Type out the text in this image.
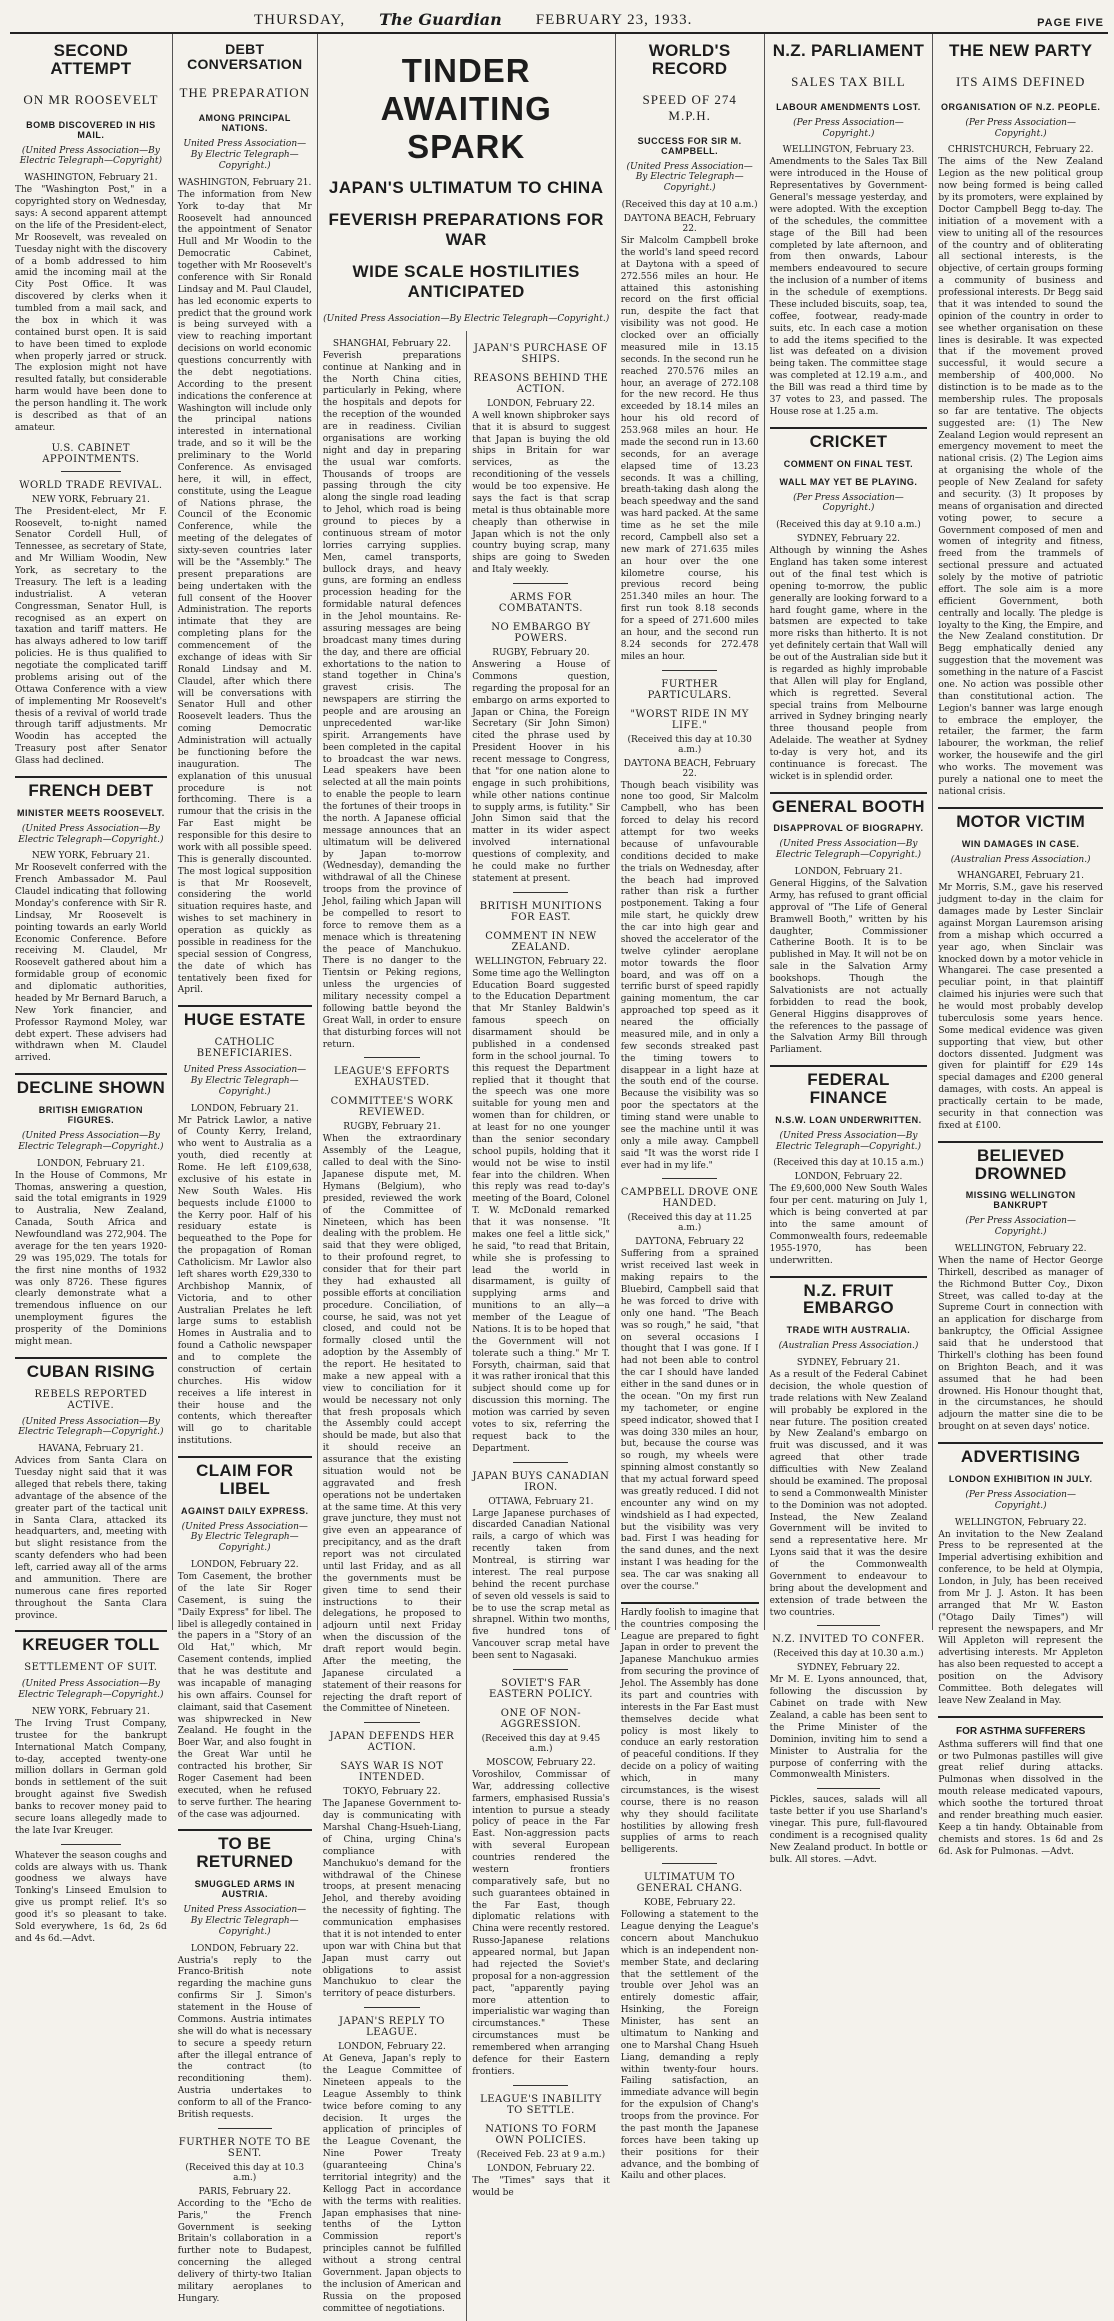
THURSDAY, The Guardian FEBRUARY 23, 1933.	PAGE FIVE
SECOND ATTEMPT
ON MR ROOSEVELT
BOMB DISCOVERED IN HIS MAIL.
(United Press Association—By Electric Telegraph—Copyright)
WASHINGTON, February 21.

The "Washington Post," in a copyrighted story on Wednesday, says: A second apparent attempt on the life of the President-elect, Mr Roosevelt, was revealed on Tuesday night with the discovery of a bomb addressed to him amid the incoming mail at the City Post Office. It was discovered by clerks when it tumbled from a mail sack, and the box in which it was contained burst open. It is said to have been timed to explode when properly jarred or struck. The explosion might not have resulted fatally, but considerable harm would have been done to the person handling it. The work is described as that of an amateur.

U.S. CABINET APPOINTMENTS.
WORLD TRADE REVIVAL.
NEW YORK, February 21.

The President-elect, Mr F. Roosevelt, to-night named Senator Cordell Hull, of Tennessee, as secretary of State, and Mr William Woodin, New York, as secretary to the Treasury. The left is a leading industrialist. A veteran Congressman, Senator Hull, is recognised as an expert on taxation and tariff matters. He has always adhered to low tariff policies. He is thus qualified to negotiate the complicated tariff problems arising out of the Ottawa Conference with a view of implementing Mr Roosevelt's thesis of a revival of world trade through tariff adjustments. Mr Woodin has accepted the Treasury post after Senator Glass had declined.

FRENCH DEBT
MINISTER MEETS ROOSEVELT.
(United Press Association—By Electric Telegraph—Copyright.)
NEW YORK, February 21.

Mr Roosevelt conferred with the French Ambassador M. Paul Claudel indicating that following Monday's conference with Sir R. Lindsay, Mr Roosevelt is pointing towards an early World Economic Conference. Before receiving M. Claudel, Mr Roosevelt gathered about him a formidable group of economic and diplomatic authorities, headed by Mr Bernard Baruch, a New York financier, and Professor Raymond Moley, war debt expert. These advisers had withdrawn when M. Claudel arrived.

DECLINE SHOWN
BRITISH EMIGRATION FIGURES.
(United Press Association—By Electric Telegraph—Copyright.)
LONDON, February 21.

In the House of Commons, Mr Thomas, answering a question, said the total emigrants in 1929 to Australia, New Zealand, Canada, South Africa and Newfoundland was 272,904. The average for the ten years 1920-29 was 195,029. The totals for the first nine months of 1932 was only 8726. These figures clearly demonstrate what a tremendous influence on our unemployment figures the prosperity of the Dominions might mean.

CUBAN RISING
REBELS REPORTED ACTIVE.
(United Press Association—By Electric Telegraph—Copyright.)
HAVANA, February 21.

Advices from Santa Clara on Tuesday night said that it was alleged that rebels there, taking advantage of the absence of the greater part of the tactical unit in Santa Clara, attacked its headquarters, and, meeting with but slight resistance from the scanty defenders who had been left, carried away all of the arms and ammunition. There are numerous cane fires reported throughout the Santa Clara province.

KREUGER TOLL
SETTLEMENT OF SUIT.
(United Press Association—By Electric Telegraph—Copyright.)
NEW YORK, February 21.

The Irving Trust Company, trustee for the bankrupt International Match Company, to-day, accepted twenty-one million dollars in German gold bonds in settlement of the suit brought against five Swedish banks to recover money paid to secure loans allegedly made to the late Ivar Kreuger.

Whatever the season coughs and colds are always with us. Thank goodness we always have Tonking's Linseed Emulsion to give us prompt relief. It's so good it's so pleasant to take. Sold everywhere, 1s 6d, 2s 6d and 4s 6d.—Advt.

DEBT CONVERSATION
THE PREPARATION
AMONG PRINCIPAL NATIONS.
United Press Association—By Electric Telegraph—Copyright.)
WASHINGTON, February 21.

The information from New York to-day that Mr Roosevelt had announced the appointment of Senator Hull and Mr Woodin to the Democratic Cabinet, together with Mr Roosevelt's conference with Sir Ronald Lindsay and M. Paul Claudel, has led economic experts to predict that the ground work is being surveyed with a view to reaching important decisions on world economic questions concurrently with the debt negotiations. According to the present indications the conference at Washington will include only the principal nations interested in international trade, and so it will be the preliminary to the World Conference. As envisaged here, it will, in effect, constitute, using the League of Nations phrase, the Council of the Economic Conference, while the meeting of the delegates of sixty-seven countries later will be the "Assembly." The present preparations are being undertaken with the full consent of the Hoover Administration. The reports intimate that they are completing plans for the commencement of the exchange of ideas with Sir Ronald Lindsay and M. Claudel, after which there will be conversations with Senator Hull and other Roosevelt leaders. Thus the coming Democratic Administration will actually be functioning before the inauguration. The explanation of this unusual procedure is not forthcoming. There is a rumour that the crisis in the Far East might be responsible for this desire to work with all possible speed. This is generally discounted. The most logical supposition is that Mr Roosevelt, considering the world situation requires haste, and wishes to set machinery in operation as quickly as possible in readiness for the special session of Congress, the date of which has tentatively been fixed for April.

HUGE ESTATE
CATHOLIC BENEFICIARIES.
United Press Association—By Electric Telegraph—Copyright.)
LONDON, February 21.

Mr Patrick Lawlor, a native of County Kerry, Ireland, who went to Australia as a youth, died recently at Rome. He left £109,638, exclusive of his estate in New South Wales. His bequests include £1000 to the Kerry poor. Half of his residuary estate is bequeathed to the Pope for the propagation of Roman Catholicism. Mr Lawlor also left shares worth £29,330 to Archbishop Mannix, of Victoria, and to other Australian Prelates he left large sums to establish Homes in Australia and to found a Catholic newspaper and to complete the construction of certain churches. His widow receives a life interest in their house and the contents, which thereafter will go to charitable institutions.

CLAIM FOR LIBEL
AGAINST DAILY EXPRESS.
(United Press Association—By Electric Telegraph—Copyright.)
LONDON, February 22.

Tom Casement, the brother of the late Sir Roger Casement, is suing the "Daily Express" for libel. The libel is allegedly contained in the papers in a "Story of an Old Hat," which, Mr Casement contends, implied that he was destitute and was incapable of managing his own affairs. Counsel for claimant, said that Casement was shipwrecked in New Zealand. He fought in the Boer War, and also fought in the Great War until he contracted his brother, Sir Roger Casement had been executed, when he refused to serve further. The hearing of the case was adjourned.

TO BE RETURNED
SMUGGLED ARMS IN AUSTRIA.
United Press Association—By Electric Telegraph—Copyright.)
LONDON, February 22.

Austria's reply to the Franco-British note regarding the machine guns confirms Sir J. Simon's statement in the House of Commons. Austria intimates she will do what is necessary to secure a speedy return after the illegal entrance of the contract (to reconditioning them). Austria undertakes to conform to all of the Franco-British requests.

FURTHER NOTE TO BE SENT.
(Received this day at 10.3 a.m.)
PARIS, February 22.

According to the "Echo de Paris," the French Government is seeking Britain's collaboration in a further note to Budapest, concerning the alleged delivery of thirty-two Italian military aeroplanes to Hungary.

TINDER AWAITING SPARK
JAPAN'S ULTIMATUM TO CHINA
FEVERISH PREPARATIONS FOR WAR
WIDE SCALE HOSTILITIES ANTICIPATED
(United Press Association—By Electric Telegraph—Copyright.)
SHANGHAI, February 22.

Feverish preparations continue at Nanking and in the North China cities, particularly in Peking, where the hospitals and depots for the reception of the wounded are in readiness. Civilian organisations are working night and day in preparing the usual war comforts. Thousands of troops are passing through the city along the single road leading to Jehol, which road is being ground to pieces by a continuous stream of motor lorries carrying supplies. Men, camel transports, bullock drays, and heavy guns, are forming an endless procession heading for the formidable natural defences in the Jehol mountains. Re-assuring messages are being broadcast many times during the day, and there are official exhortations to the nation to stand together in China's gravest crisis. The newspapers are stirring the people and are arousing an unprecedented war-like spirit. Arrangements have been completed in the capital to broadcast the war news. Lead speakers have been selected at all the main points to enable the people to learn the fortunes of their troops in the north. A Japanese official message announces that an ultimatum will be delivered by Japan to-morrow (Wednesday), demanding the withdrawal of all the Chinese troops from the province of Jehol, failing which Japan will be compelled to resort to force to remove them as a menace which is threatening the peace of Manchukuo. There is no danger to the Tientsin or Peking regions, unless the urgencies of military necessity compel a following battle beyond the Great Wall, in order to ensure that disturbing forces will not return.

LEAGUE'S EFFORTS EXHAUSTED.
COMMITTEE'S WORK REVIEWED.
RUGBY, February 21.

When the extraordinary Assembly of the League, called to deal with the Sino-Japanese dispute met, M. Hymans (Belgium), who presided, reviewed the work of the Committee of Nineteen, which has been dealing with the problem. He said that they were obliged, to their profound regret, to consider that for their part they had exhausted all possible efforts at conciliation procedure. Conciliation, of course, he said, was not yet closed, and could not be formally closed until the adoption by the Assembly of the report. He hesitated to make a new appeal with a view to conciliation for it would be necessary not only that fresh proposals which the Assembly could accept should be made, but also that it should receive an assurance that the existing situation would not be aggravated and fresh operations not be undertaken at the same time. At this very grave juncture, they must not give even an appearance of precipitancy, and as the draft report was not circulated until last Friday, and as all the governments must be given time to send their instructions to their delegations, he proposed to adjourn until next Friday when the discussion of the draft report would begin. After the meeting, the Japanese circulated a statement of their reasons for rejecting the draft report of the Committee of Nineteen.

JAPAN DEFENDS HER ACTION.
SAYS WAR IS NOT INTENDED.
TOKYO, February 22.

The Japanese Government to-day is communicating with Marshal Chang-Hsueh-Liang, of China, urging China's compliance with Manchukuo's demand for the withdrawal of the Chinese troops, at present menacing Jehol, and thereby avoiding the necessity of fighting. The communication emphasises that it is not intended to enter upon war with China but that Japan must carry out obligations to assist Manchukuo to clear the territory of peace disturbers.

JAPAN'S REPLY TO LEAGUE.
LONDON, February 22.

At Geneva, Japan's reply to the League Committee of Nineteen appeals to the League Assembly to think twice before coming to any decision. It urges the application of principles of the League Covenant, the Nine Power Treaty (guaranteeing China's territorial integrity) and the Kellogg Pact in accordance with the terms with realities. Japan emphasises that nine-tenths of the Lytton Commission report's principles cannot be fulfilled without a strong central Government. Japan objects to the inclusion of American and Russia on the proposed committee of negotiations.

JAPAN'S PURCHASE OF SHIPS.
REASONS BEHIND THE ACTION.
LONDON, February 22.

A well known shipbroker says that it is absurd to suggest that Japan is buying the old ships in Britain for war services, as the reconditioning of the vessels would be too expensive. He says the fact is that scrap metal is thus obtainable more cheaply than otherwise in Japan which is not the only country buying scrap, many ships are going to Sweden and Italy weekly.

ARMS FOR COMBATANTS.
NO EMBARGO BY POWERS.
RUGBY, February 20.

Answering a House of Commons question, regarding the proposal for an embargo on arms exported to Japan or China, the Foreign Secretary (Sir John Simon) cited the phrase used by President Hoover in his recent message to Congress, that "for one nation alone to engage in such prohibitions, while other nations continue to supply arms, is futility." Sir John Simon said that the matter in its wider aspect involved international questions of complexity, and he could make no further statement at present.

BRITISH MUNITIONS FOR EAST.
COMMENT IN NEW ZEALAND.
WELLINGTON, February 22.

Some time ago the Wellington Education Board suggested to the Education Department that Mr Stanley Baldwin's famous speech on disarmament should be published in a condensed form in the school journal. To this request the Department replied that it thought that the speech was one more suitable for young men and women than for children, or at least for no one younger than the senior secondary school pupils, holding that it would not be wise to instil fear into the children. When this reply was read to-day's meeting of the Board, Colonel T. W. McDonald remarked that it was nonsense. "It makes one feel a little sick," he said, "to read that Britain, while she is professing to lead the world in disarmament, is guilty of supplying arms and munitions to an ally—a member of the League of Nations. It is to be hoped that the Government will not tolerate such a thing." Mr T. Forsyth, chairman, said that it was rather ironical that this subject should come up for discussion this morning. The motion was carried by seven votes to six, referring the request back to the Department.

JAPAN BUYS CANADIAN IRON.
OTTAWA, February 21.

Large Japanese purchases of discarded Canadian National rails, a cargo of which was recently taken from Montreal, is stirring war interest. The real purpose behind the recent purchase of seven old vessels is said to be to use the scrap metal as shrapnel. Within two months, five hundred tons of Vancouver scrap metal have been sent to Nagasaki.

SOVIET'S FAR EASTERN POLICY.
ONE OF NON-AGGRESSION.
(Received this day at 9.45 a.m.)
MOSCOW, February 22.

Voroshilov, Commissar of War, addressing collective farmers, emphasised Russia's intention to pursue a steady policy of peace in the Far East. Non-aggression pacts with several European countries rendered the western frontiers comparatively safe, but no such guarantees obtained in the Far East, though diplomatic relations with China were recently restored. Russo-Japanese relations appeared normal, but Japan had rejected the Soviet's proposal for a non-aggression pact, "apparently paying more attention to imperialistic war waging than circumstances." These circumstances must be remembered when arranging defence for their Eastern frontiers.

LEAGUE'S INABILITY TO SETTLE.
NATIONS TO FORM OWN POLICIES.
(Received Feb. 23 at 9 a.m.)
LONDON, February 22.

The "Times" says that it would be

WORLD'S RECORD
SPEED OF 274 M.P.H.
SUCCESS FOR SIR M. CAMPBELL.
(United Press Association—By Electric Telegraph—Copyright.)
(Received this day at 10 a.m.)
DAYTONA BEACH, February 22.

Sir Malcolm Campbell broke the world's land speed record at Daytona with a speed of 272.556 miles an hour. He attained this astonishing record on the first official run, despite the fact that visibility was not good. He clocked over an officially measured mile in 13.15 seconds. In the second run he reached 270.576 miles an hour, an average of 272.108 for the new record. He thus exceeded by 18.14 miles an hour his old record of 253.968 miles an hour. He made the second run in 13.60 seconds, for an average elapsed time of 13.23 seconds. It was a chilling, breath-taking dash along the beach speedway and the sand was hard packed. At the same time as he set the mile record, Campbell also set a new mark of 271.635 miles an hour over the one kilometre course, his previous record being 251.340 miles an hour. The first run took 8.18 seconds for a speed of 271.600 miles an hour, and the second run 8.24 seconds for 272.478 miles an hour.

FURTHER PARTICULARS.
"WORST RIDE IN MY LIFE."
(Received this day at 10.30 a.m.)
DAYTONA BEACH, February 22.

Though beach visibility was none too good, Sir Malcolm Campbell, who has been forced to delay his record attempt for two weeks because of unfavourable conditions decided to make the trials on Wednesday, after the beach had improved rather than risk a further postponement. Taking a four mile start, he quickly drew the car into high gear and shoved the accelerator of the twelve cylinder aeroplane motor towards the floor board, and was off on a terrific burst of speed rapidly gaining momentum, the car approached top speed as it neared the officially measured mile, and in only a few seconds streaked past the timing towers to disappear in a light haze at the south end of the course. Because the visibility was so poor the spectators at the timing stand were unable to see the machine until it was only a mile away. Campbell said "It was the worst ride I ever had in my life."

CAMPBELL DROVE ONE HANDED.
(Received this day at 11.25 a.m.)
DAYTONA, February 22

Suffering from a sprained wrist received last week in making repairs to the Bluebird, Campbell said that he was forced to drive with only one hand. "The Beach was so rough," he said, "that on several occasions I thought that I was gone. If I had not been able to control the car I should have landed either in the sand dunes or in the ocean. "On my first run my tachometer, or engine speed indicator, showed that I was doing 330 miles an hour, but, because the course was so rough, my wheels were spinning almost constantly so that my actual forward speed was greatly reduced. I did not encounter any wind on my windshield as I had expected, but the visibility was very bad. First I was heading for the sand dunes, and the next instant I was heading for the sea. The car was snaking all over the course."

Hardly foolish to imagine that the countries composing the League are prepared to fight Japan in order to prevent the Japanese Manchukuo armies from securing the province of Jehol. The Assembly has done its part and countries with interests in the Far East must themselves decide what policy is most likely to conduce an early restoration of peaceful conditions. If they decide on a policy of waiting which, in many circumstances, is the wisest course, there is no reason why they should facilitate hostilities by allowing fresh supplies of arms to reach belligerents.

ULTIMATUM TO GENERAL CHANG.
KOBE, February 22.

Following a statement to the League denying the League's concern about Manchukuo which is an independent non-member State, and declaring that the settlement of the trouble over Jehol was an entirely domestic affair, Hsinking, the Foreign Minister, has sent an ultimatum to Nanking and one to Marshal Chang Hsueh Liang, demanding a reply within twenty-four hours. Failing satisfaction, an immediate advance will begin for the expulsion of Chang's troops from the province. For the past month the Japanese forces have been taking up their positions for their advance, and the bombing of Kailu and other places.

N.Z. PARLIAMENT
SALES TAX BILL
LABOUR AMENDMENTS LOST.
(Per Press Association— Copyright.)
WELLINGTON, February 23.

Amendments to the Sales Tax Bill were introduced in the House of Representatives by Government-General's message yesterday, and were adopted. With the exception of the schedules, the committee stage of the Bill had been completed by late afternoon, and from then onwards, Labour members endeavoured to secure the inclusion of a number of items in the schedule of exemptions. These included biscuits, soap, tea, coffee, footwear, ready-made suits, etc. In each case a motion to add the items specified to the list was defeated on a division being taken. The committee stage was completed at 12.19 a.m., and the Bill was read a third time by 37 votes to 23, and passed. The House rose at 1.25 a.m.

CRICKET
COMMENT ON FINAL TEST.
WALL MAY YET BE PLAYING.
(Per Press Association— Copyright.)
(Received this day at 9.10 a.m.)
SYDNEY, February 22.

Although by winning the Ashes England has taken some interest out of the final test which is opening to-morrow, the public generally are looking forward to a hard fought game, where in the batsmen are expected to take more risks than hitherto. It is not yet definitely certain that Wall will be out of the Australian side but it is regarded as highly improbable that Allen will play for England, which is regretted. Several special trains from Melbourne arrived in Sydney bringing nearly three thousand people from Adelaide. The weather at Sydney to-day is very hot, and its continuance is forecast. The wicket is in splendid order.

GENERAL BOOTH
DISAPPROVAL OF BIOGRAPHY.
(United Press Association—By Electric Telegraph—Copyright.)
LONDON, February 21.

General Higgins, of the Salvation Army, has refused to grant official approval of "The Life of General Bramwell Booth," written by his daughter, Commissioner Catherine Booth. It is to be published in May. It will not be on sale in the Salvation Army bookshops. Though the Salvationists are not actually forbidden to read the book, General Higgins disapproves of the references to the passage of the Salvation Army Bill through Parliament.

FEDERAL FINANCE
N.S.W. LOAN UNDERWRITTEN.
(United Press Association—By Electric Telegraph—Copyright.)
(Received this day at 10.15 a.m.)
LONDON, February 22.

The £9,600,000 New South Wales four per cent. maturing on July 1, which is being converted at par into the same amount of Commonwealth fours, redeemable 1955-1970, has been underwritten.

N.Z. FRUIT EMBARGO
TRADE WITH AUSTRALIA.
(Australian Press Association.)
SYDNEY, February 21.

As a result of the Federal Cabinet decision, the whole question of trade relations with New Zealand will probably be explored in the near future. The position created by New Zealand's embargo on fruit was discussed, and it was agreed that other trade difficulties with New Zealand should be examined. The proposal to send a Commonwealth Minister to the Dominion was not adopted. Instead, the New Zealand Government will be invited to send a representative here. Mr Lyons said that it was the desire of the Commonwealth Government to endeavour to bring about the development and extension of trade between the two countries.

N.Z. INVITED TO CONFER.
(Received this day at 10.30 a.m.)
SYDNEY, February 22.

Mr M. E. Lyons announced, that, following the discussion by Cabinet on trade with New Zealand, a cable has been sent to the Prime Minister of the Dominion, inviting him to send a Minister to Australia for the purpose of conferring with the Commonwealth Ministers.

Pickles, sauces, salads will all taste better if you use Sharland's vinegar. This pure, full-flavoured condiment is a recognised quality New Zealand product. In bottle or bulk. All stores. —Advt.

THE NEW PARTY
ITS AIMS DEFINED
ORGANISATION OF N.Z. PEOPLE.
(Per Press Association— Copyright.)
CHRISTCHURCH, February 22.

The aims of the New Zealand Legion as the new political group now being formed is being called by its promoters, were explained by Doctor Campbell Begg to-day. The initiation of a movement with a view to uniting all of the resources of the country and of obliterating all sectional interests, is the objective, of certain groups forming a community of business and professional interests. Dr Begg said that it was intended to sound the opinion of the country in order to see whether organisation on these lines is desirable. It was expected that if the movement proved successful, it would secure a membership of 400,000. No distinction is to be made as to the membership rules. The proposals so far are tentative. The objects suggested are: (1) The New Zealand Legion would represent an emergency movement to meet the national crisis. (2) The Legion aims at organising the whole of the people of New Zealand for safety and security. (3) It proposes by means of organisation and directed voting power, to secure a Government composed of men and women of integrity and fitness, freed from the trammels of sectional pressure and actuated solely by the motive of patriotic effort. The sole aim is a more efficient Government, both centrally and locally. The pledge is loyalty to the King, the Empire, and the New Zealand constitution. Dr Begg emphatically denied any suggestion that the movement was something in the nature of a Fascist one. No action was possible other than constitutional action. The Legion's banner was large enough to embrace the employer, the retailer, the farmer, the farm labourer, the workman, the relief worker, the housewife and the girl who works. The movement was purely a national one to meet the national crisis.

MOTOR VICTIM
WIN DAMAGES IN CASE.
(Australian Press Association.)
WHANGAREI, February 21.

Mr Morris, S.M., gave his reserved judgment to-day in the claim for damages made by Lester Sinclair against Morgan Lauremson arising from a mishap which occurred a year ago, when Sinclair was knocked down by a motor vehicle in Whangarei. The case presented a peculiar point, in that plaintiff claimed his injuries were such that he would most probably develop tuberculosis some years hence. Some medical evidence was given supporting that view, but other doctors dissented. Judgment was given for plaintiff for £29 14s special damages and £200 general damages, with costs. An appeal is practically certain to be made, security in that connection was fixed at £100.

BELIEVED DROWNED
MISSING WELLINGTON BANKRUPT
(Per Press Association— Copyright.)
WELLINGTON, February 22.

When the name of Hector George Thirkell, described as manager of the Richmond Butter Coy., Dixon Street, was called to-day at the Supreme Court in connection with an application for discharge from bankruptcy, the Official Assignee said that he understood that Thirkell's clothing has been found on Brighton Beach, and it was assumed that he had been drowned. His Honour thought that, in the circumstances, he should adjourn the matter sine die to be brought on at seven days' notice.

ADVERTISING
LONDON EXHIBITION IN JULY.
(Per Press Association— Copyright.)
WELLINGTON, February 22.

An invitation to the New Zealand Press to be represented at the Imperial advertising exhibition and conference, to be held at Olympia, London, in July, has been received from Mr J. J. Aston. It has been arranged that Mr W. Easton ("Otago Daily Times") will represent the newspapers, and Mr Will Appleton will represent the advertising interests. Mr Appleton has also been requested to accept a position on the Advisory Committee. Both delegates will leave New Zealand in May.

FOR ASTHMA SUFFERERS

Asthma sufferers will find that one or two Pulmonas pastilles will give great relief during attacks. Pulmonas when dissolved in the mouth release medicated vapours, which soothe the tortured throat and render breathing much easier. Keep a tin handy. Obtainable from chemists and stores. 1s 6d and 2s 6d. Ask for Pulmonas. —Advt.
